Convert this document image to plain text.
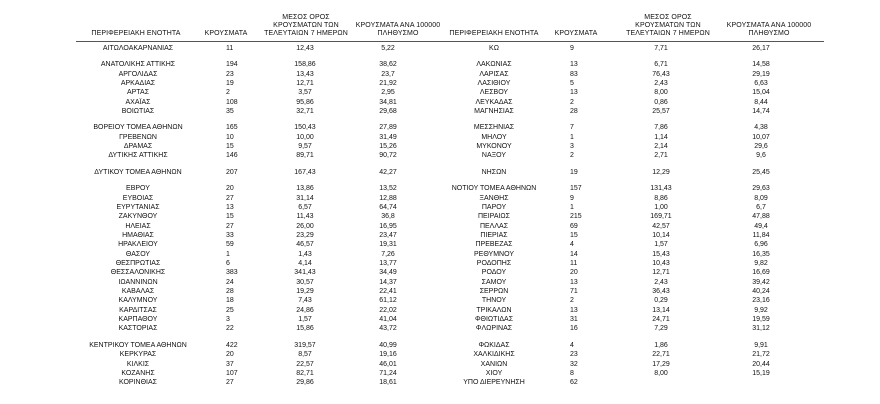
ΠΕΡΙΦΕΡΕΙΑΚΗ ΕΝΟΤΗΤΑ	ΚΡΟΥΣΜΑΤΑ
ΜΕΣΟΣ ΟΡΟΣ ΚΡΟΥΣΜΑΤΩΝ ΤΩΝ ΤΕΛΕΥΤΑΙΩΝ 7 ΗΜΕΡΩΝ
ΚΡΟΥΣΜΑΤΑ ΑΝΑ 100000 ΠΛΗΘΥΣΜΟ
ΑΙΤΩΛΟΑΚΑΡΝΑΝΙΑΣ	11	12,43	5,22
ΑΝΑΤΟΛΙΚΗΣ ΑΤΤΙΚΗΣ	194	158,86	38,62
ΑΡΓΟΛΙΔΑΣ	23	13,43	23,7
ΑΡΚΑΔΙΑΣ	19	12,71	21,92
ΑΡΤΑΣ	2	3,57	2,95
ΑΧΑΪΑΣ	108	95,86	34,81
ΒΟΙΩΤΙΑΣ	35	32,71	29,68
ΒΟΡΕΙΟΥ ΤΟΜΕΑ ΑΘΗΝΩΝ	165	150,43	27,89
ΓΡΕΒΕΝΩΝ	10	10,00	31,49
ΔΡΑΜΑΣ	15	9,57	15,26
ΔΥΤΙΚΗΣ ΑΤΤΙΚΗΣ	146	89,71	90,72
ΔΥΤΙΚΟΥ ΤΟΜΕΑ ΑΘΗΝΩΝ	207	167,43	42,27
ΕΒΡΟΥ	20	13,86	13,52
ΕΥΒΟΙΑΣ	27	31,14	12,88
ΕΥΡΥΤΑΝΙΑΣ	13	6,57	64,74
ΖΑΚΥΝΘΟΥ	15	11,43	36,8
ΗΛΕΙΑΣ	27	26,00	16,95
ΗΜΑΘΙΑΣ	33	23,29	23,47
ΗΡΑΚΛΕΙΟΥ	59	46,57	19,31
ΘΑΣΟΥ	1	1,43	7,26
ΘΕΣΠΡΩΤΙΑΣ	6	4,14	13,77
ΘΕΣΣΑΛΟΝΙΚΗΣ	383	341,43	34,49
ΙΩΑΝΝΙΝΩΝ	24	30,57	14,37
ΚΑΒΑΛΑΣ	28	19,29	22,41
ΚΑΛΥΜΝΟΥ	18	7,43	61,12
ΚΑΡΔΙΤΣΑΣ	25	24,86	22,02
ΚΑΡΠΑΘΟΥ	3	1,57	41,04
ΚΑΣΤΟΡΙΑΣ	22	15,86	43,72
ΚΕΝΤΡΙΚΟΥ ΤΟΜΕΑ ΑΘΗΝΩΝ	422	319,57	40,99
ΚΕΡΚΥΡΑΣ	20	8,57	19,16
ΚΙΛΚΙΣ	37	22,57	46,01
ΚΟΖΑΝΗΣ	107	82,71	71,24
ΚΟΡΙΝΘΙΑΣ	27	29,86	18,61
ΠΕΡΙΦΕΡΕΙΑΚΗ ΕΝΟΤΗΤΑ	ΚΡΟΥΣΜΑΤΑ
ΜΕΣΟΣ ΟΡΟΣ ΚΡΟΥΣΜΑΤΩΝ ΤΩΝ ΤΕΛΕΥΤΑΙΩΝ 7 ΗΜΕΡΩΝ
ΚΡΟΥΣΜΑΤΑ ΑΝΑ 100000 ΠΛΗΘΥΣΜΟ
ΚΩ	9	7,71	26,17
ΛΑΚΩΝΙΑΣ	13	6,71	14,58
ΛΑΡΙΣΑΣ	83	76,43	29,19
ΛΑΣΙΘΙΟΥ	5	2,43	6,63
ΛΕΣΒΟΥ	13	8,00	15,04
ΛΕΥΚΑΔΑΣ	2	0,86	8,44
ΜΑΓΝΗΣΙΑΣ	28	25,57	14,74
ΜΕΣΣΗΝΙΑΣ	7	7,86	4,38
ΜΗΛΟΥ	1	1,14	10,07
ΜΥΚΟΝΟΥ	3	2,14	29,6
ΝΑΞΟΥ	2	2,71	9,6
ΝΗΣΩΝ	19	12,29	25,45
ΝΟΤΙΟΥ ΤΟΜΕΑ ΑΘΗΝΩΝ	157	131,43	29,63
ΞΑΝΘΗΣ	9	8,86	8,09
ΠΑΡΟΥ	1	1,00	6,7
ΠΕΙΡΑΙΩΣ	215	169,71	47,88
ΠΕΛΛΑΣ	69	42,57	49,4
ΠΙΕΡΙΑΣ	15	10,14	11,84
ΠΡΕΒΕΖΑΣ	4	1,57	6,96
ΡΕΘΥΜΝΟΥ	14	15,43	16,35
ΡΟΔΟΠΗΣ	11	10,43	9,82
ΡΟΔΟΥ	20	12,71	16,69
ΣΑΜΟΥ	13	2,43	39,42
ΣΕΡΡΩΝ	71	36,43	40,24
ΤΗΝΟΥ	2	0,29	23,16
ΤΡΙΚΑΛΩΝ	13	13,14	9,92
ΦΘΙΩΤΙΔΑΣ	31	24,71	19,59
ΦΛΩΡΙΝΑΣ	16	7,29	31,12
ΦΩΚΙΔΑΣ	4	1,86	9,91
ΧΑΛΚΙΔΙΚΗΣ	23	22,71	21,72
ΧΑΝΙΩΝ	32	17,29	20,44
ΧΙΟΥ	8	8,00	15,19
ΥΠΟ ΔΙΕΡΕΥΝΗΣΗ	62
